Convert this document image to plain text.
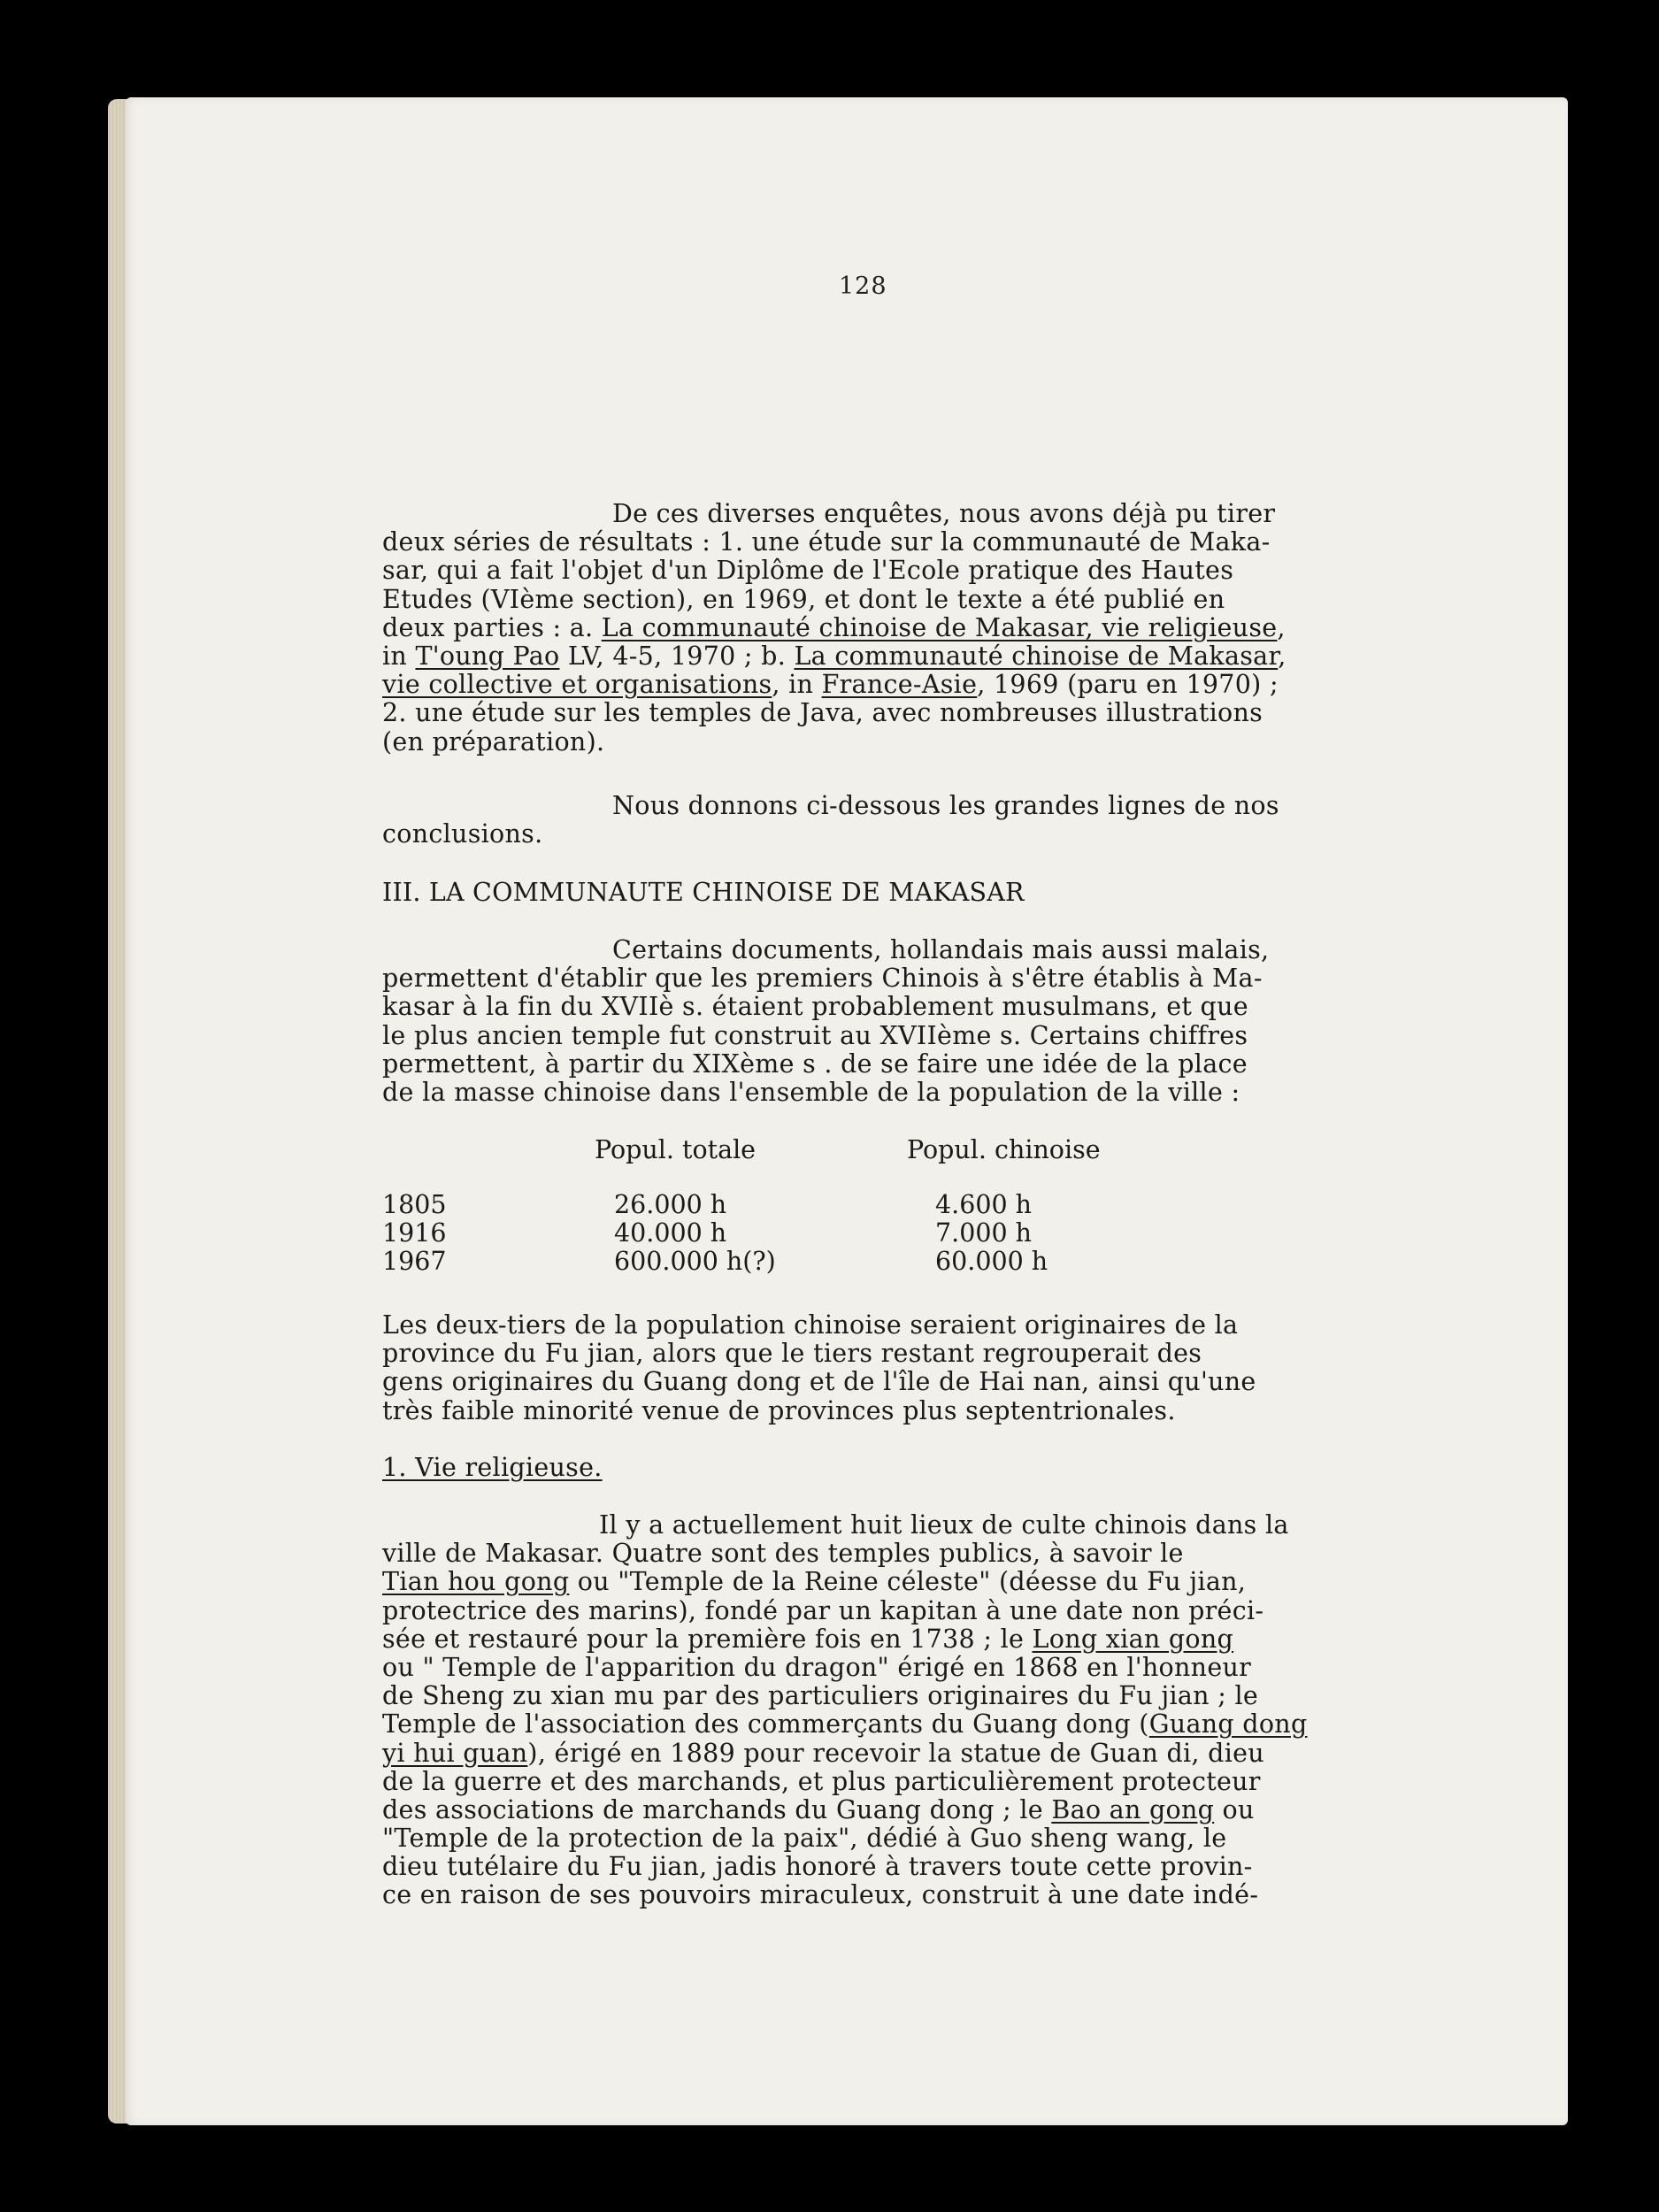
128
De ces diverses enquêtes, nous avons déjà pu tirer
deux séries de résultats : 1. une étude sur la communauté de Maka-
sar, qui a fait l'objet d'un Diplôme de l'Ecole pratique des Hautes
Etudes (VIème section), en 1969, et dont le texte a été publié en
deux parties : a. La communauté chinoise de Makasar, vie religieuse,
in T'oung Pao LV, 4-5, 1970 ; b. La communauté chinoise de Makasar,
vie collective et organisations, in France-Asie, 1969 (paru en 1970) ;
2. une étude sur les temples de Java, avec nombreuses illustrations
(en préparation).
Nous donnons ci-dessous les grandes lignes de nos
conclusions.
III. LA COMMUNAUTE CHINOISE DE MAKASAR
Certains documents, hollandais mais aussi malais,
permettent d'établir que les premiers Chinois à s'être établis à Ma-
kasar à la fin du XVIIè s. étaient probablement musulmans, et que
le plus ancien temple fut construit au XVIIème s. Certains chiffres
permettent, à partir du XIXème s . de se faire une idée de la place
de la masse chinoise dans l'ensemble de la population de la ville :
Popul. totale	Popul. chinoise
1805	26.000 h	4.600 h
1916	40.000 h	7.000 h
1967	600.000 h(?)	60.000 h
Les deux-tiers de la population chinoise seraient originaires de la
province du Fu jian, alors que le tiers restant regrouperait des
gens originaires du Guang dong et de l'île de Hai nan, ainsi qu'une
très faible minorité venue de provinces plus septentrionales.
1. Vie religieuse.
Il y a actuellement huit lieux de culte chinois dans la
ville de Makasar. Quatre sont des temples publics, à savoir le
Tian hou gong ou "Temple de la Reine céleste" (déesse du Fu jian,
protectrice des marins), fondé par un kapitan à une date non préci-
sée et restauré pour la première fois en 1738 ; le Long xian gong
ou " Temple de l'apparition du dragon" érigé en 1868 en l'honneur
de Sheng zu xian mu par des particuliers originaires du Fu jian ; le
Temple de l'association des commerçants du Guang dong (Guang dong
yi hui guan), érigé en 1889 pour recevoir la statue de Guan di, dieu
de la guerre et des marchands, et plus particulièrement protecteur
des associations de marchands du Guang dong ; le Bao an gong ou
"Temple de la protection de la paix", dédié à Guo sheng wang, le
dieu tutélaire du Fu jian, jadis honoré à travers toute cette provin-
ce en raison de ses pouvoirs miraculeux, construit à une date indé-
